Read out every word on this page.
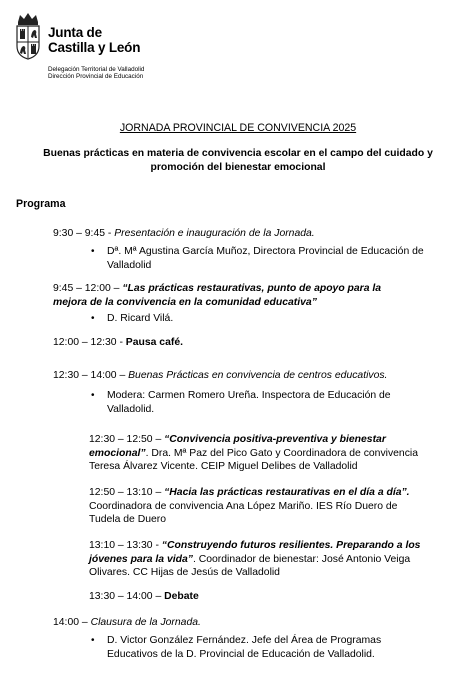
Junta de
Castilla y León
Delegación Territorial de Valladolid
Dirección Provincial de Educación
JORNADA PROVINCIAL DE CONVIVENCIA 2025
Buenas prácticas en materia de convivencia escolar en el campo del cuidado y
promoción del bienestar emocional
Programa
9:30 – 9:45 - Presentación e inauguración de la Jornada.
• Dª. Mª Agustina García Muñoz, Directora Provincial de Educación de
Valladolid
9:45 – 12:00 – “Las prácticas restaurativas, punto de apoyo para la
mejora de la convivencia en la comunidad educativa”
• D. Ricard Vilá.
12:00 – 12:30 - Pausa café.
12:30 – 14:00 – Buenas Prácticas en convivencia de centros educativos.
• Modera: Carmen Romero Ureña. Inspectora de Educación de
Valladolid.
12:30 – 12:50 – “Convivencia positiva-preventiva y bienestar
emocional”. Dra. Mª Paz del Pico Gato y Coordinadora de convivencia
Teresa Álvarez Vicente. CEIP Miguel Delibes de Valladolid
12:50 – 13:10 – “Hacia las prácticas restaurativas en el día a día”.
Coordinadora de convivencia Ana López Mariño. IES Río Duero de
Tudela de Duero
13:10 – 13:30 - “Construyendo futuros resilientes. Preparando a los
jóvenes para la vida”. Coordinador de bienestar: José Antonio Veiga
Olivares. CC Hijas de Jesús de Valladolid
13:30 – 14:00 – Debate
14:00 – Clausura de la Jornada.
• D. Victor González Fernández. Jefe del Área de Programas
Educativos de la D. Provincial de Educación de Valladolid.
